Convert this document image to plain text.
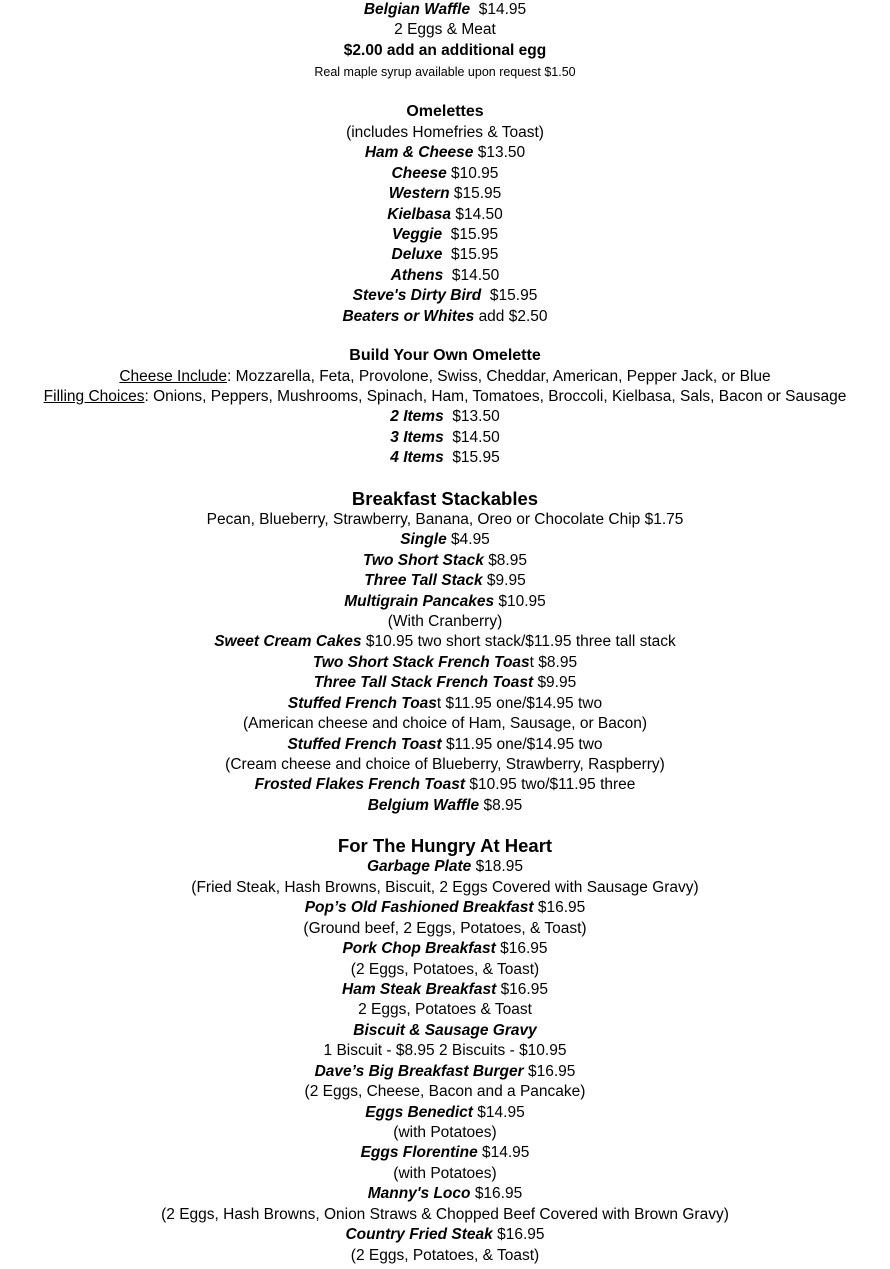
Belgian Waffle $14.95
2 Eggs & Meat
$2.00 add an additional egg
Real maple syrup available upon request $1.50
Omelettes
(includes Homefries & Toast)
Ham & Cheese $13.50
Cheese $10.95
Western $15.95
Kielbasa $14.50
Veggie $15.95
Deluxe $15.95
Athens $14.50
Steve's Dirty Bird $15.95
Beaters or Whites add $2.50
Build Your Own Omelette
Cheese Include: Mozzarella, Feta, Provolone, Swiss, Cheddar, American, Pepper Jack, or Blue
Filling Choices: Onions, Peppers, Mushrooms, Spinach, Ham, Tomatoes, Broccoli, Kielbasa, Sals, Bacon or Sausage
2 Items $13.50
3 Items $14.50
4 Items $15.95
Breakfast Stackables
Pecan, Blueberry, Strawberry, Banana, Oreo or Chocolate Chip $1.75
Single $4.95
Two Short Stack $8.95
Three Tall Stack $9.95
Multigrain Pancakes $10.95
(With Cranberry)
Sweet Cream Cakes $10.95 two short stack/$11.95 three tall stack
Two Short Stack French Toast $8.95
Three Tall Stack French Toast $9.95
Stuffed French Toast $11.95 one/$14.95 two
(American cheese and choice of Ham, Sausage, or Bacon)
Stuffed French Toast $11.95 one/$14.95 two
(Cream cheese and choice of Blueberry, Strawberry, Raspberry)
Frosted Flakes French Toast $10.95 two/$11.95 three
Belgium Waffle $8.95
For The Hungry At Heart
Garbage Plate $18.95
(Fried Steak, Hash Browns, Biscuit, 2 Eggs Covered with Sausage Gravy)
Pop’s Old Fashioned Breakfast $16.95
(Ground beef, 2 Eggs, Potatoes, & Toast)
Pork Chop Breakfast $16.95
(2 Eggs, Potatoes, & Toast)
Ham Steak Breakfast $16.95
2 Eggs, Potatoes & Toast
Biscuit & Sausage Gravy
1 Biscuit - $8.95 2 Biscuits - $10.95
Dave’s Big Breakfast Burger $16.95
(2 Eggs, Cheese, Bacon and a Pancake)
Eggs Benedict $14.95
(with Potatoes)
Eggs Florentine $14.95
(with Potatoes)
Manny's Loco $16.95
(2 Eggs, Hash Browns, Onion Straws & Chopped Beef Covered with Brown Gravy)
Country Fried Steak $16.95
(2 Eggs, Potatoes, & Toast)
